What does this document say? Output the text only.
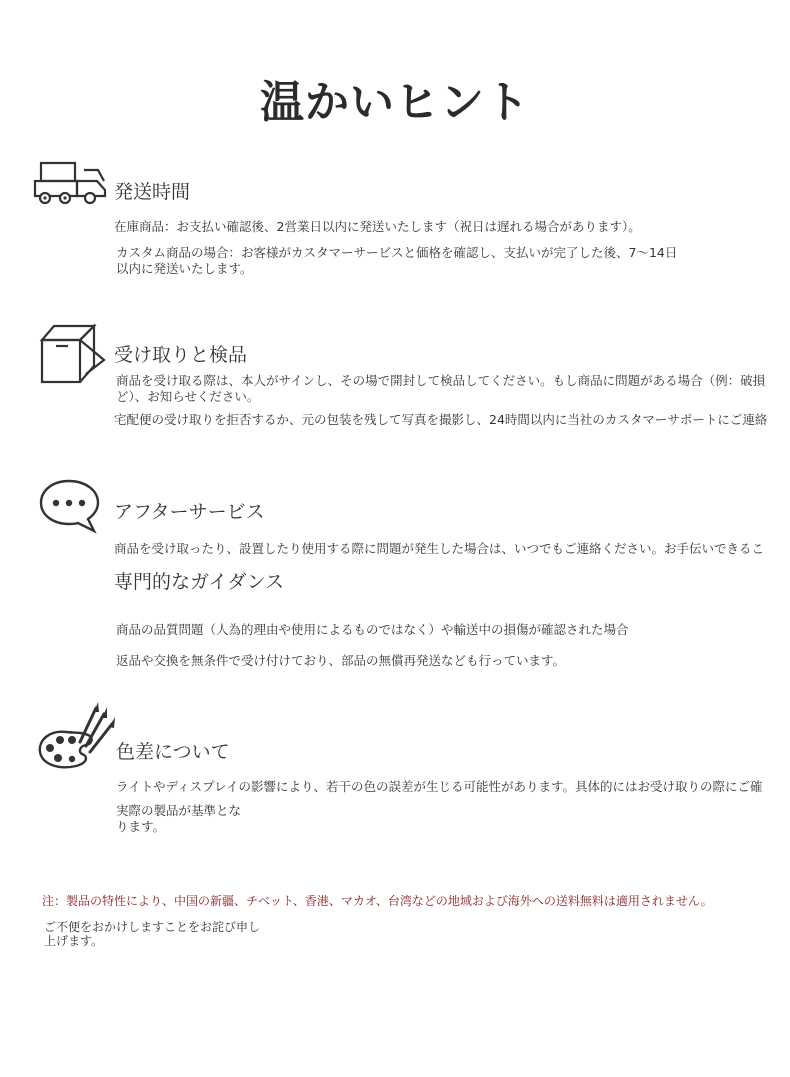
温かいヒント
発送時間
在庫商品：お支払い確認後、2営業日以内に発送いたします（祝日は遅れる場合があります）。
カスタム商品の場合：お客様がカスタマーサービスと価格を確認し、支払いが完了した後、7〜14日以内に発送いたします。
受け取りと検品
商品を受け取る際は、本人がサインし、その場で開封して検品してください。もし商品に問題がある場合（例：破損ど）、お知らせください。
宅配便の受け取りを拒否するか、元の包装を残して写真を撮影し、24時間以内に当社のカスタマーサポートにご連絡
アフターサービス
商品を受け取ったり、設置したり使用する際に問題が発生した場合は、いつでもご連絡ください。お手伝いできるこ
専門的なガイダンス
商品の品質問題（人為的理由や使用によるものではなく）や輸送中の損傷が確認された場合
返品や交換を無条件で受け付けており、部品の無償再発送なども行っています。
色差について
ライトやディスプレイの影響により、若干の色の誤差が生じる可能性があります。具体的にはお受け取りの際にご確
実際の製品が基準となります。
注：製品の特性により、中国の新疆、チベット、香港、マカオ、台湾などの地域および海外への送料無料は適用されません。
ご不便をおかけしますことをお詫び申し上げます。
